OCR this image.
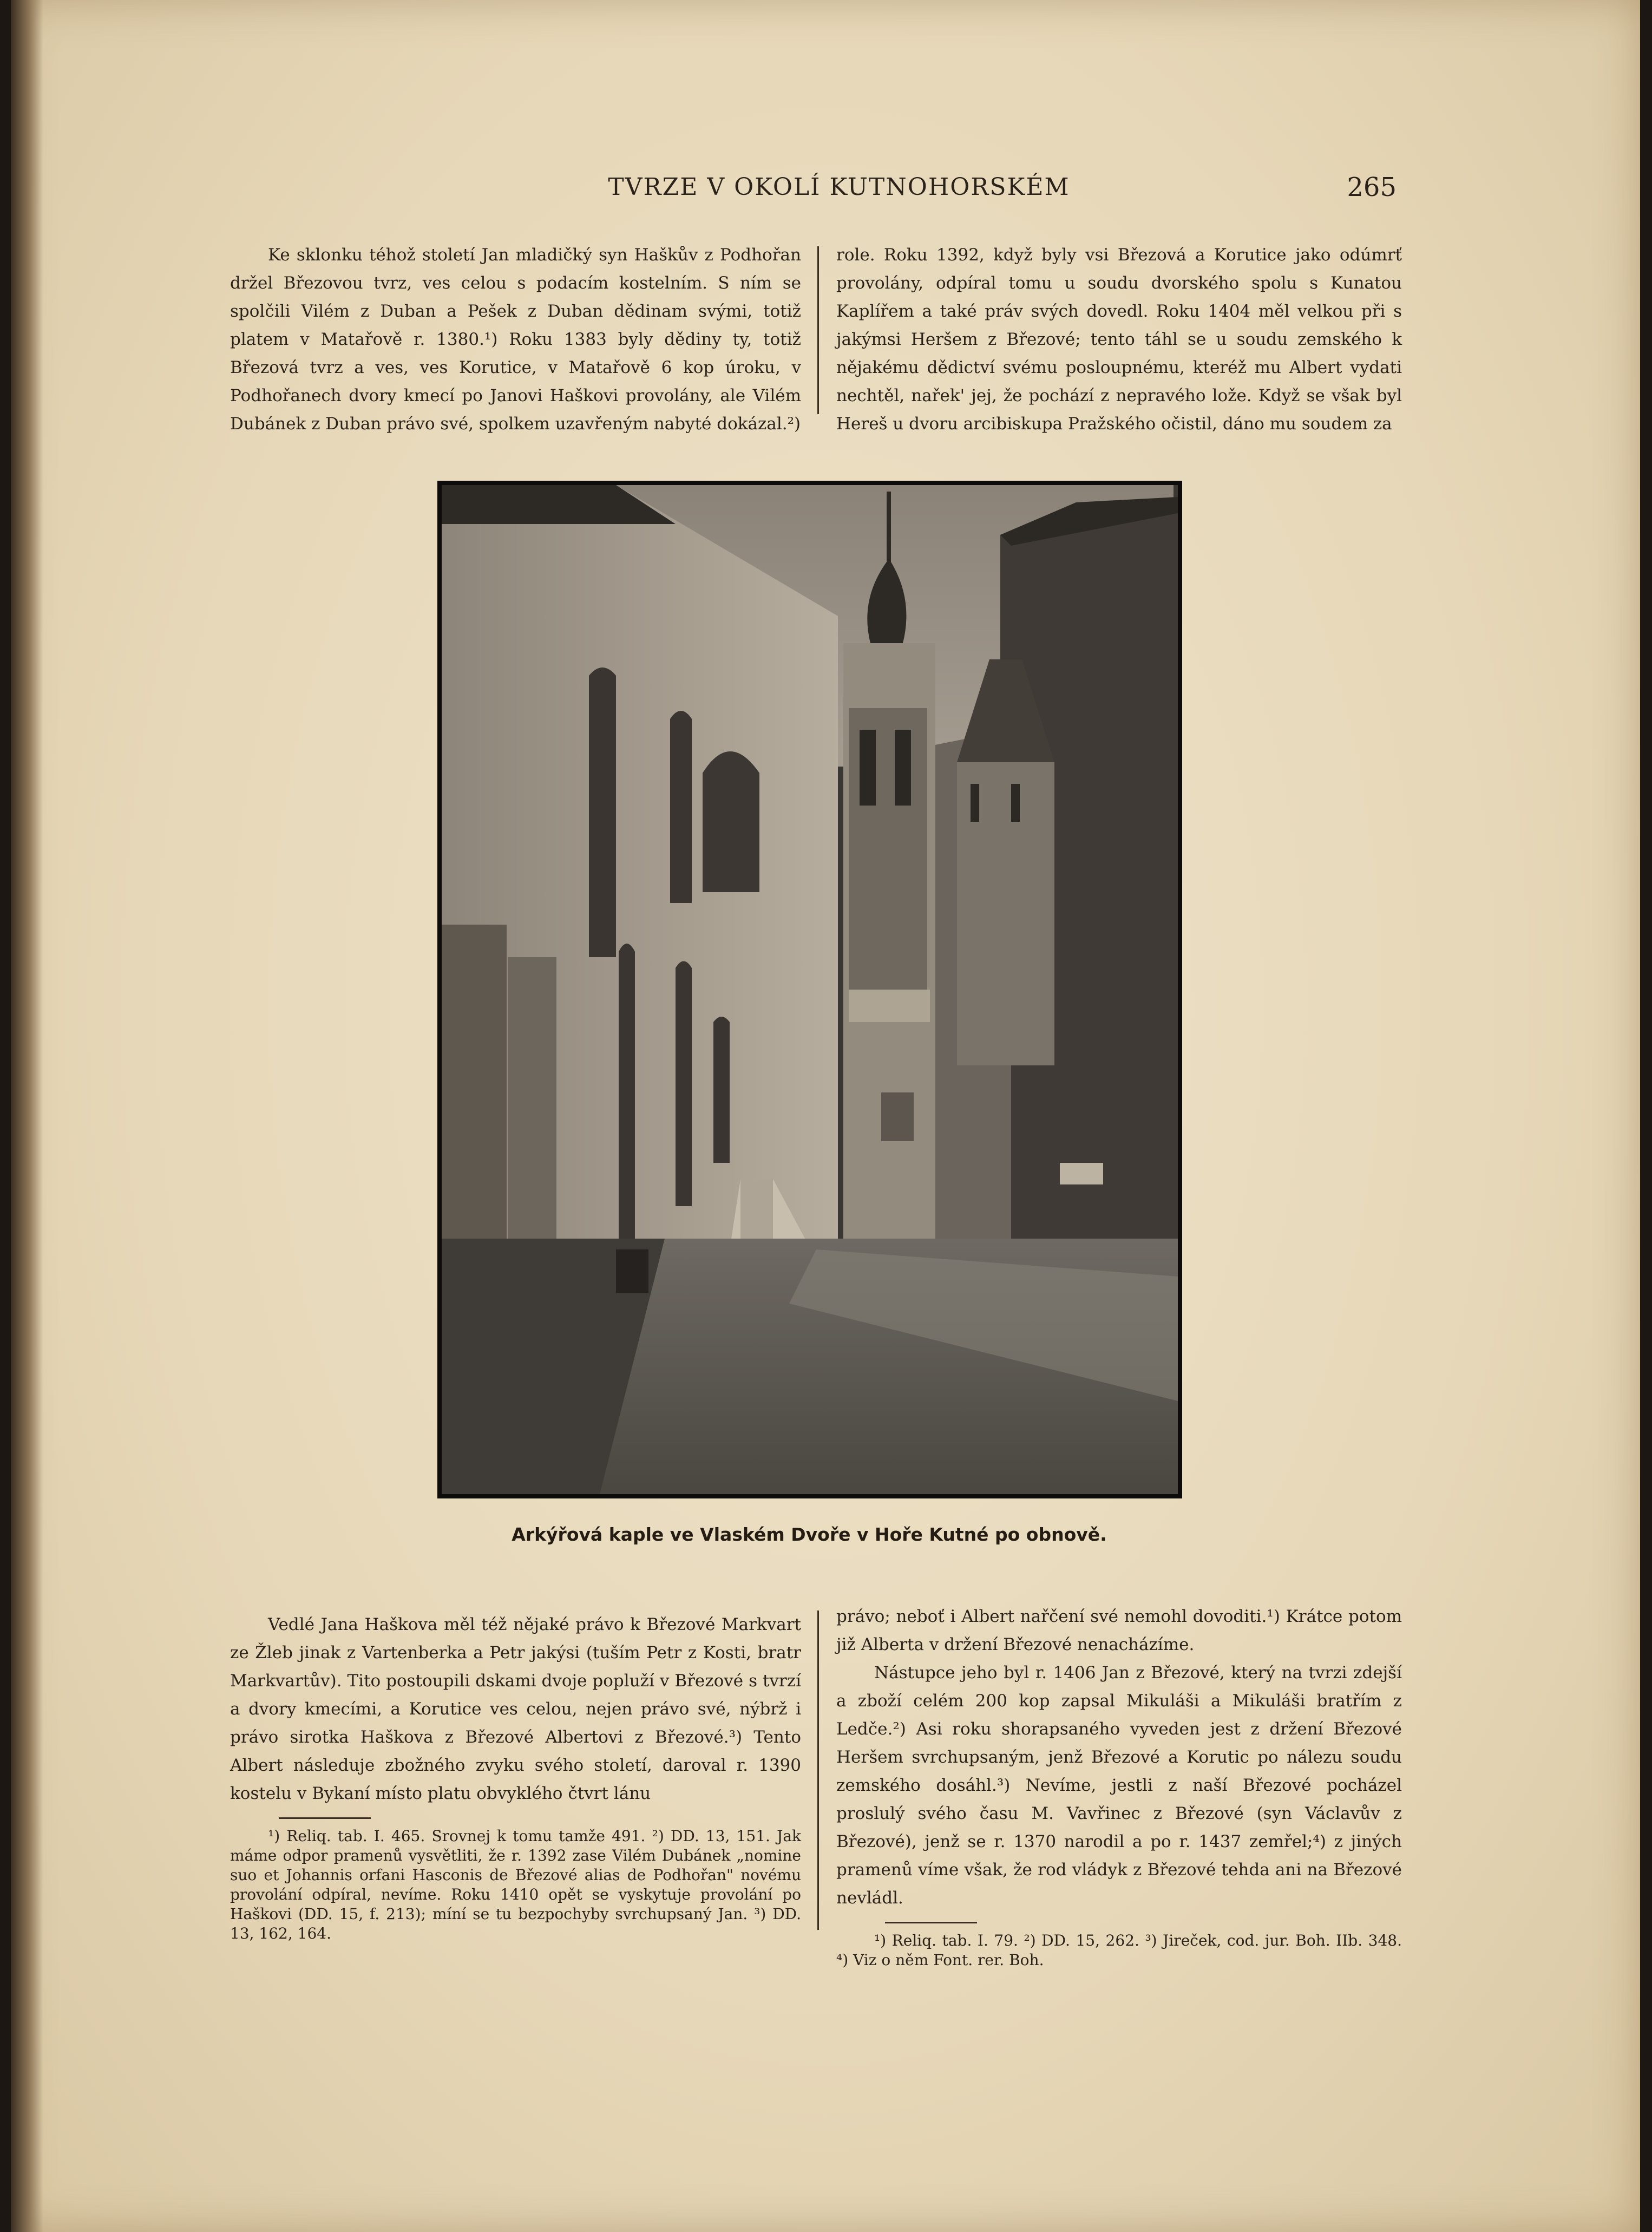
TVRZE V OKOLÍ KUTNOHORSKÉM	265

Ke sklonku téhož století Jan mladičký syn Haškův z Podhořan držel Březovou tvrz, ves celou s podacím kostelním. S ním se spolčili Vilém z Duban a Pešek z Duban dědinam svými, totiž platem v Matařově r. 1380.¹) Roku 1383 byly dědiny ty, totiž Březová tvrz a ves, ves Korutice, v Matařově 6 kop úroku, v Podhořanech dvory kmecí po Janovi Haškovi provolány, ale Vilém Dubánek z Duban právo své, spolkem uzavřeným nabyté dokázal.²)

role. Roku 1392, když byly vsi Březová a Korutice jako odúmrť provolány, odpíral tomu u soudu dvorského spolu s Kunatou Kaplířem a také práv svých dovedl. Roku 1404 měl velkou při s jakýmsi Heršem z Březové; tento táhl se u soudu zemského k nějakému dědictví svému posloupnému, kteréž mu Albert vydati nechtěl, nařek' jej, že pochází z nepravého lože. Když se však byl Hereš u dvoru arcibiskupa Pražského očistil, dáno mu soudem za

Arkýřová kaple ve Vlaském Dvoře v Hoře Kutné po obnově.

Vedlé Jana Haškova měl též nějaké právo k Březové Markvart ze Žleb jinak z Vartenberka a Petr jakýsi (tuším Petr z Kosti, bratr Markvartův). Tito postoupili dskami dvoje popluží v Březové s tvrzí a dvory kmecími, a Korutice ves celou, nejen právo své, nýbrž i právo sirotka Haškova z Březové Albertovi z Březové.³) Tento Albert následuje zbožného zvyku svého století, daroval r. 1390 kostelu v Bykaní místo platu obvyklého čtvrt lánu

¹) Reliq. tab. I. 465. Srovnej k tomu tamže 491. ²) DD. 13, 151. Jak máme odpor pramenů vysvětliti, že r. 1392 zase Vilém Dubánek „nomine suo et Johannis orfani Hasconis de Březové alias de Podhořan" novému provolání odpíral, nevíme. Roku 1410 opět se vyskytuje provolání po Haškovi (DD. 15, f. 213); míní se tu bezpochyby svrchupsaný Jan. ³) DD. 13, 162, 164.

právo; neboť i Albert nařčení své nemohl dovoditi.¹) Krátce potom již Alberta v držení Březové nenacházíme.

Nástupce jeho byl r. 1406 Jan z Březové, který na tvrzi zdejší a zboží celém 200 kop zapsal Mikuláši a Mikuláši bratřím z Ledče.²) Asi roku shorapsaného vyveden jest z držení Březové Heršem svrchupsaným, jenž Březové a Korutic po nálezu soudu zemského dosáhl.³) Nevíme, jestli z naší Březové pocházel proslulý svého času M. Vavřinec z Březové (syn Václavův z Březové), jenž se r. 1370 narodil a po r. 1437 zemřel;⁴) z jiných pramenů víme však, že rod vládyk z Březové tehda ani na Březové nevládl.

¹) Reliq. tab. I. 79. ²) DD. 15, 262. ³) Jireček, cod. jur. Boh. IIb. 348. ⁴) Viz o něm Font. rer. Boh.
